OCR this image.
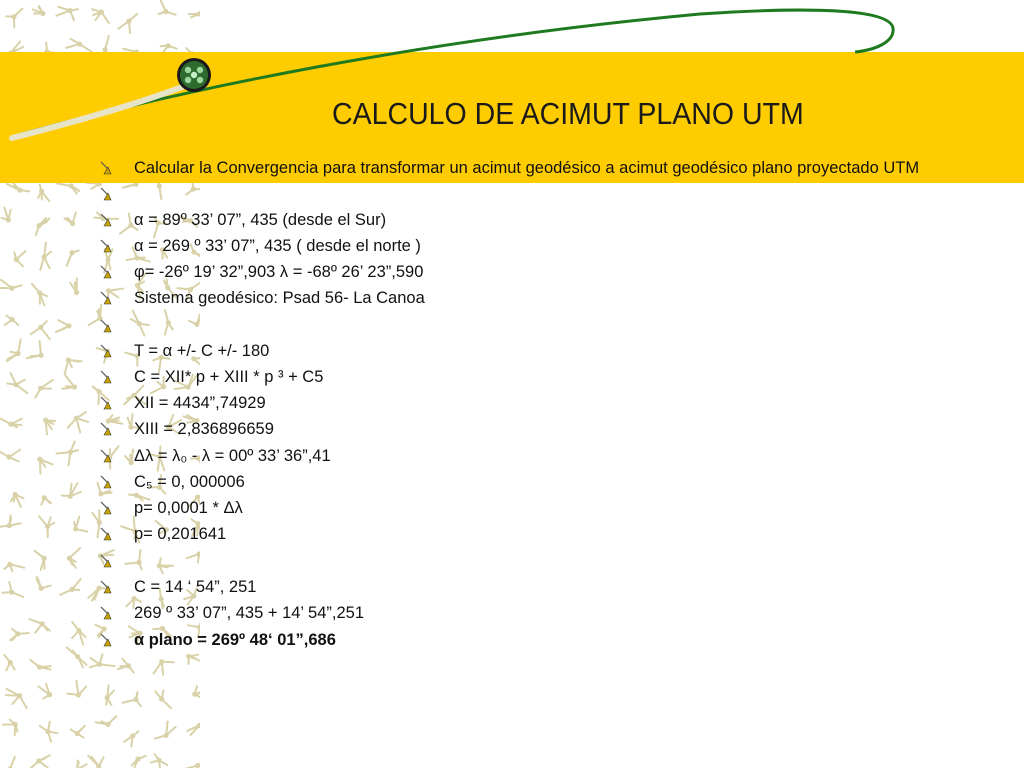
CALCULO DE ACIMUT PLANO UTM
Calcular la Convergencia para transformar un acimut geodésico a acimut geodésico plano proyectado UTM
α = 89º 33’ 07”, 435 (desde el Sur)
α = 269 º 33’ 07”, 435 ( desde el norte )
φ= -26º 19’ 32”,903 λ = -68º 26’ 23”,590
Sistema geodésico: Psad 56- La Canoa
T = α +/- C +/- 180
C = XII* p + XIII * p ³ + C5
XII = 4434”,74929
XIII = 2,836896659
Δλ = λ₀ - λ = 00º 33’ 36”,41
C₅ = 0, 000006
p= 0,0001 * Δλ
p= 0,201641
C = 14 ‘ 54”, 251
269 º 33’ 07”, 435 + 14’ 54”,251
α plano = 269º 48‘ 01”,686
